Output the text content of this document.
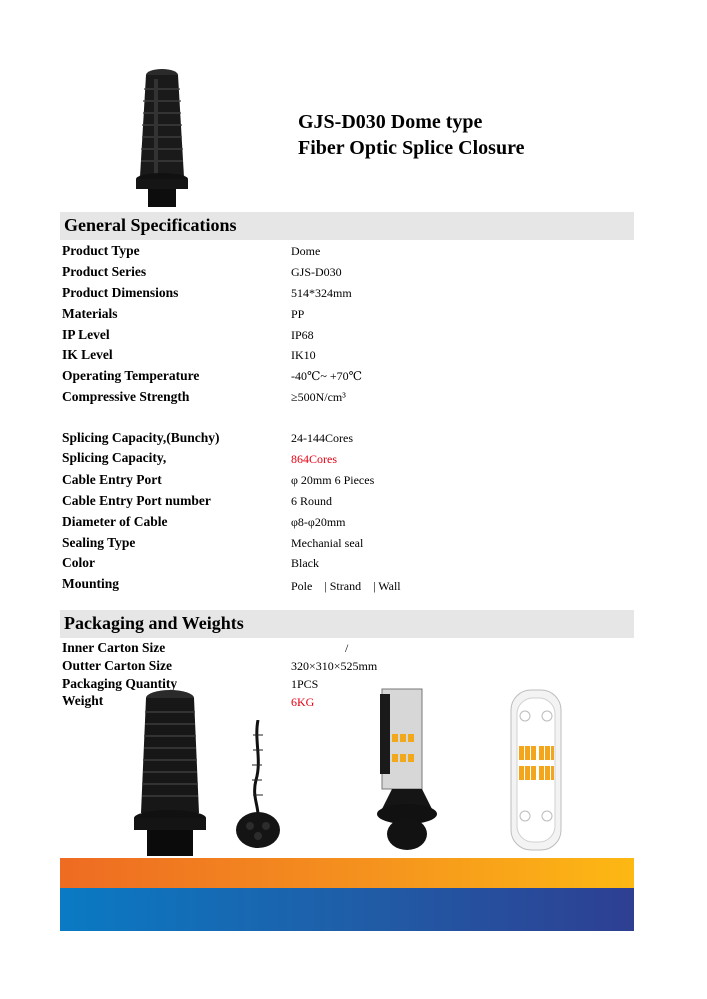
GJS-D030 Dome type
Fiber Optic Splice Closure
General Specifications
Product Type	Dome
Product Series	GJS-D030
Product Dimensions	514*324mm
Materials	PP
IP Level	IP68
IK Level	IK10
Operating Temperature	-40℃~ +70℃
Compressive Strength	≥500N/cm³
Splicing Capacity,(Bunchy)	24-144Cores
Splicing Capacity,	864Cores
Cable Entry Port	φ 20mm 6 Pieces
Cable Entry Port number	6 Round
Diameter of Cable	φ8-φ20mm
Sealing Type	Mechanial seal
Color	Black
Mounting	Pole　| Strand　| Wall
Packaging and Weights
Inner Carton Size	/
Outter Carton Size	320×310×525mm
Packaging Quantity	1PCS
Weight	6KG
